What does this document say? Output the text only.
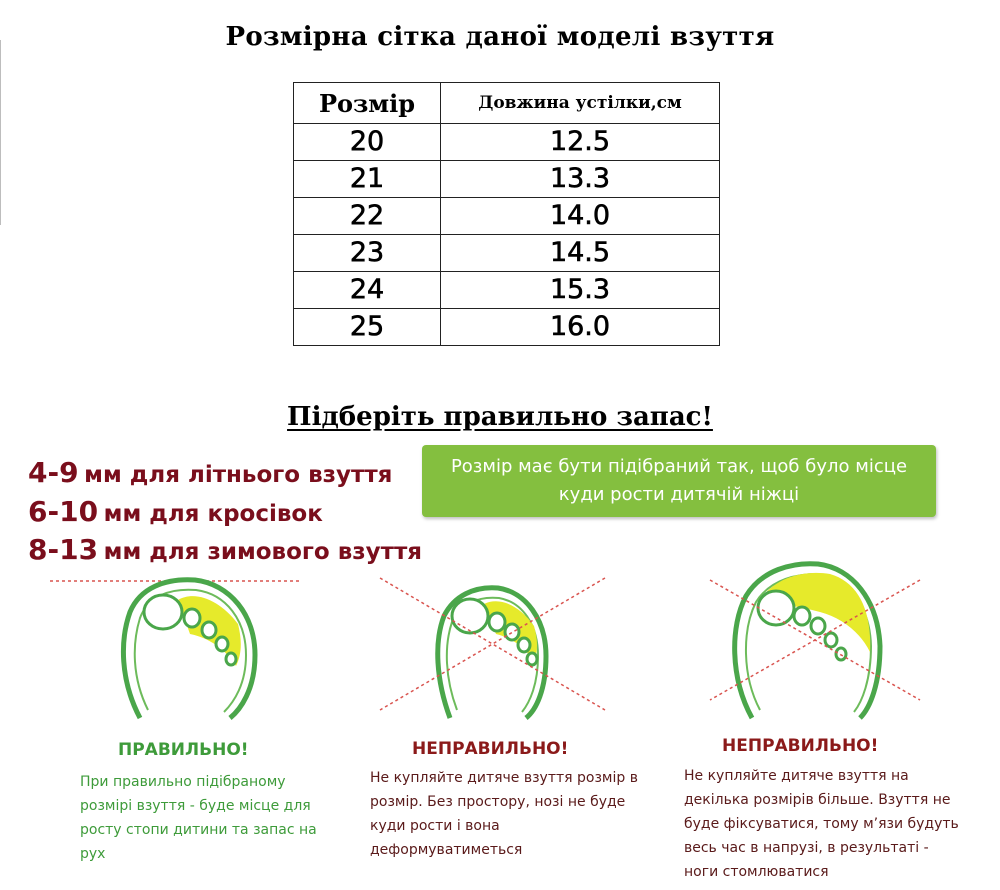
Розмірна сітка даної моделі взуття
Розмір	Довжина устілки,см
20	12.5
21	13.3
22	14.0
23	14.5
24	15.3
25	16.0
Підберіть правильно запас!
4-9 мм для літнього взуття
6-10 мм для кросівок
8-13 мм для зимового взуття
Розмір має бути підібраний так, щоб було місце куди рости дитячій ніжці
ПРАВИЛЬНО!	НЕПРАВИЛЬНО!	НЕПРАВИЛЬНО!
При правильно підібраному розмірі взуття - буде місце для росту стопи дитини та запас на рух
Не купляйте дитяче взуття розмір в розмір. Без простору, нозі не буде куди рости і вона деформуватиметься
Не купляйте дитяче взуття на декілька розмірів більше. Взуття не буде фіксуватися, тому м’язи будуть весь час в напрузі, в результаті - ноги стомлюватися
